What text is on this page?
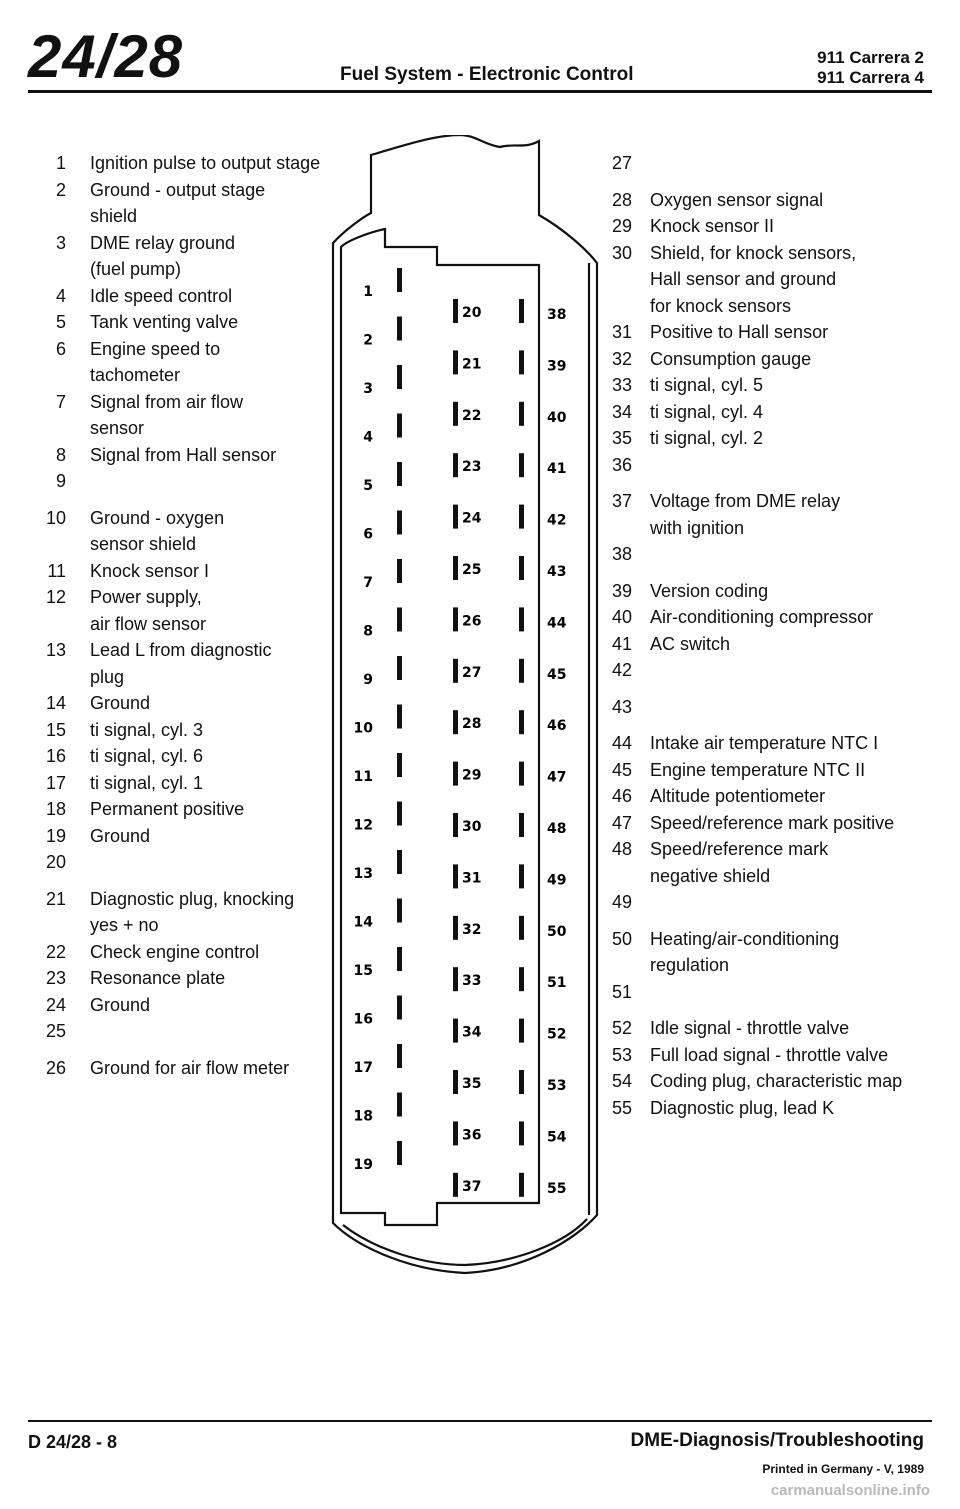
24/28	Fuel System - Electronic Control
911 Carrera 2
911 Carrera 4
1 Ignition pulse to output stage
2 Ground - output stage
shield
3 DME relay ground
(fuel pump)
4 Idle speed control
5 Tank venting valve
6 Engine speed to
tachometer
7 Signal from air flow
sensor
8 Signal from Hall sensor
9
10 Ground - oxygen
sensor shield
11 Knock sensor I
12 Power supply,
air flow sensor
13 Lead L from diagnostic
plug
14 Ground
15 ti signal, cyl. 3
16 ti signal, cyl. 6
17 ti signal, cyl. 1
18 Permanent positive
19 Ground
20
21 Diagnostic plug, knocking
yes + no
22 Check engine control
23 Resonance plate
24 Ground
25
26 Ground for air flow meter
27
28 Oxygen sensor signal
29 Knock sensor II
30 Shield, for knock sensors,
Hall sensor and ground
for knock sensors
31 Positive to Hall sensor
32 Consumption gauge
33 ti signal, cyl. 5
34 ti signal, cyl. 4
35 ti signal, cyl. 2
36
37 Voltage from DME relay
with ignition
38
39 Version coding
40 Air-conditioning compressor
41 AC switch
42
43
44 Intake air temperature NTC I
45 Engine temperature NTC II
46 Altitude potentiometer
47 Speed/reference mark positive
48 Speed/reference mark
negative shield
49
50 Heating/air-conditioning
regulation
51
52 Idle signal - throttle valve
53 Full load signal - throttle valve
54 Coding plug, characteristic map
55 Diagnostic plug, lead K
1
2
3
4
5
6
7
8
9
10
11
12
13
14
15
16
17
18
19
20
21
22
23
24
25
26
27
28
29
30
31
32
33
34
35
36
37
38
39
40
41
42
43
44
45
46
47
48
49
50
51
52
53
54
55
D 24/28 - 8	DME-Diagnosis/Troubleshooting
Printed in Germany - V, 1989
carmanualsonline.info
